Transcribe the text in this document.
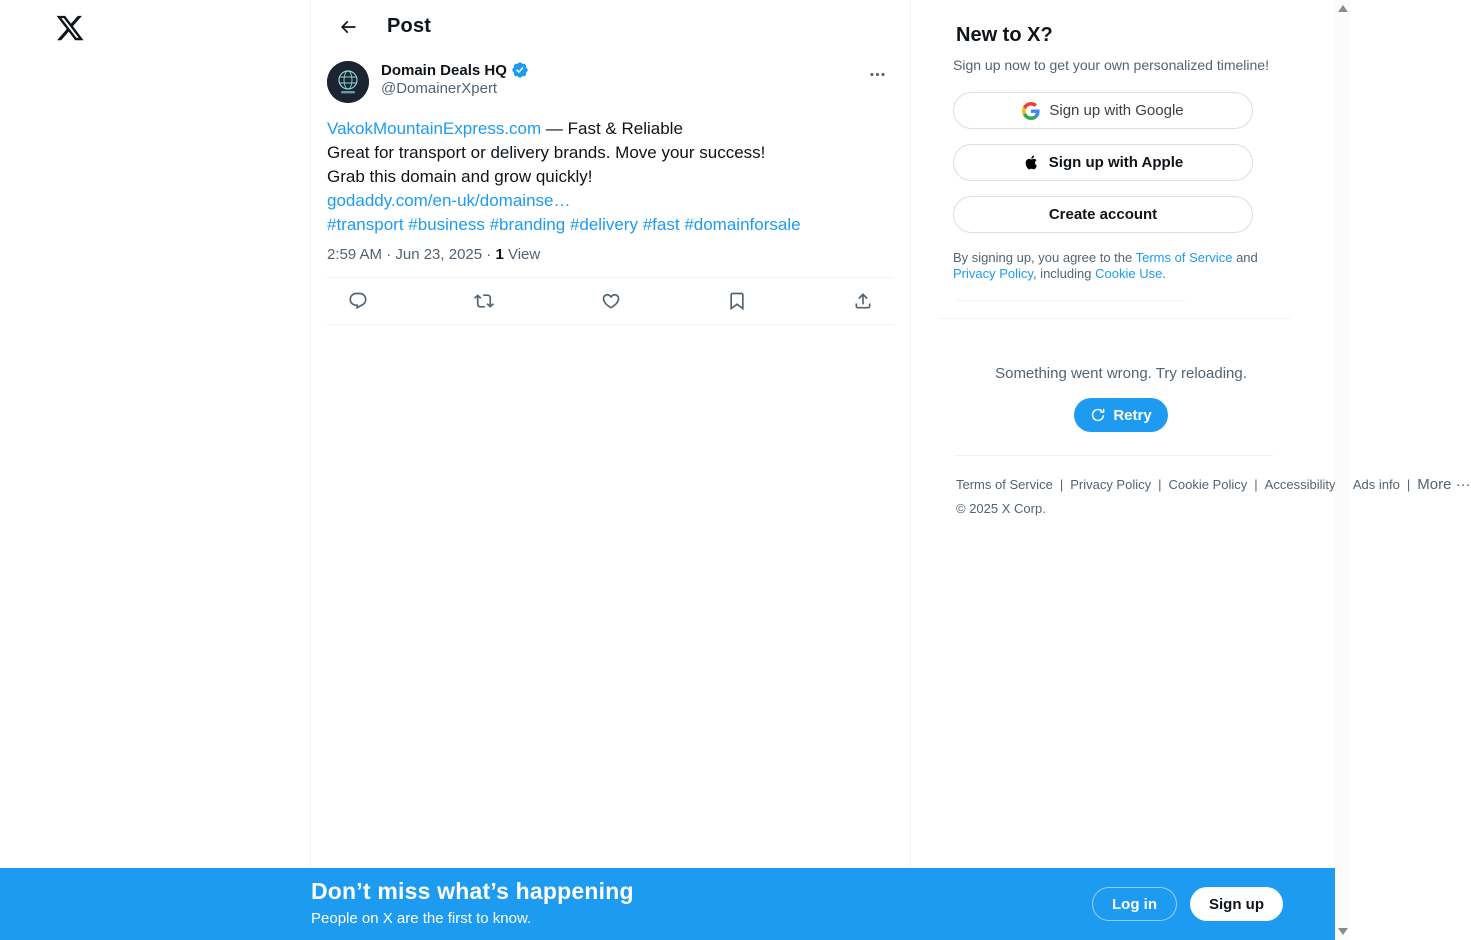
Post
Domain Deals HQ
@DomainerXpert
VakokMountainExpress.com — Fast & Reliable
Great for transport or delivery brands. Move your success!
Grab this domain and grow quickly!
godaddy.com/en-uk/domainse…
#transport #business #branding #delivery #fast #domainforsale
2:59 AM · Jun 23, 2025 · 1 View
New to X?
Sign up now to get your own personalized timeline!
Sign up with Google
Sign up with Apple
Create account
By signing up, you agree to the Terms of Service and Privacy Policy, including Cookie Use.
Something went wrong. Try reloading.
Retry
Terms of Service | Privacy Policy | Cookie Policy | Accessibility Ads info | More ··· © 2025 X Corp.
Don’t miss what’s happening
People on X are the first to know.
Log in	Sign up
